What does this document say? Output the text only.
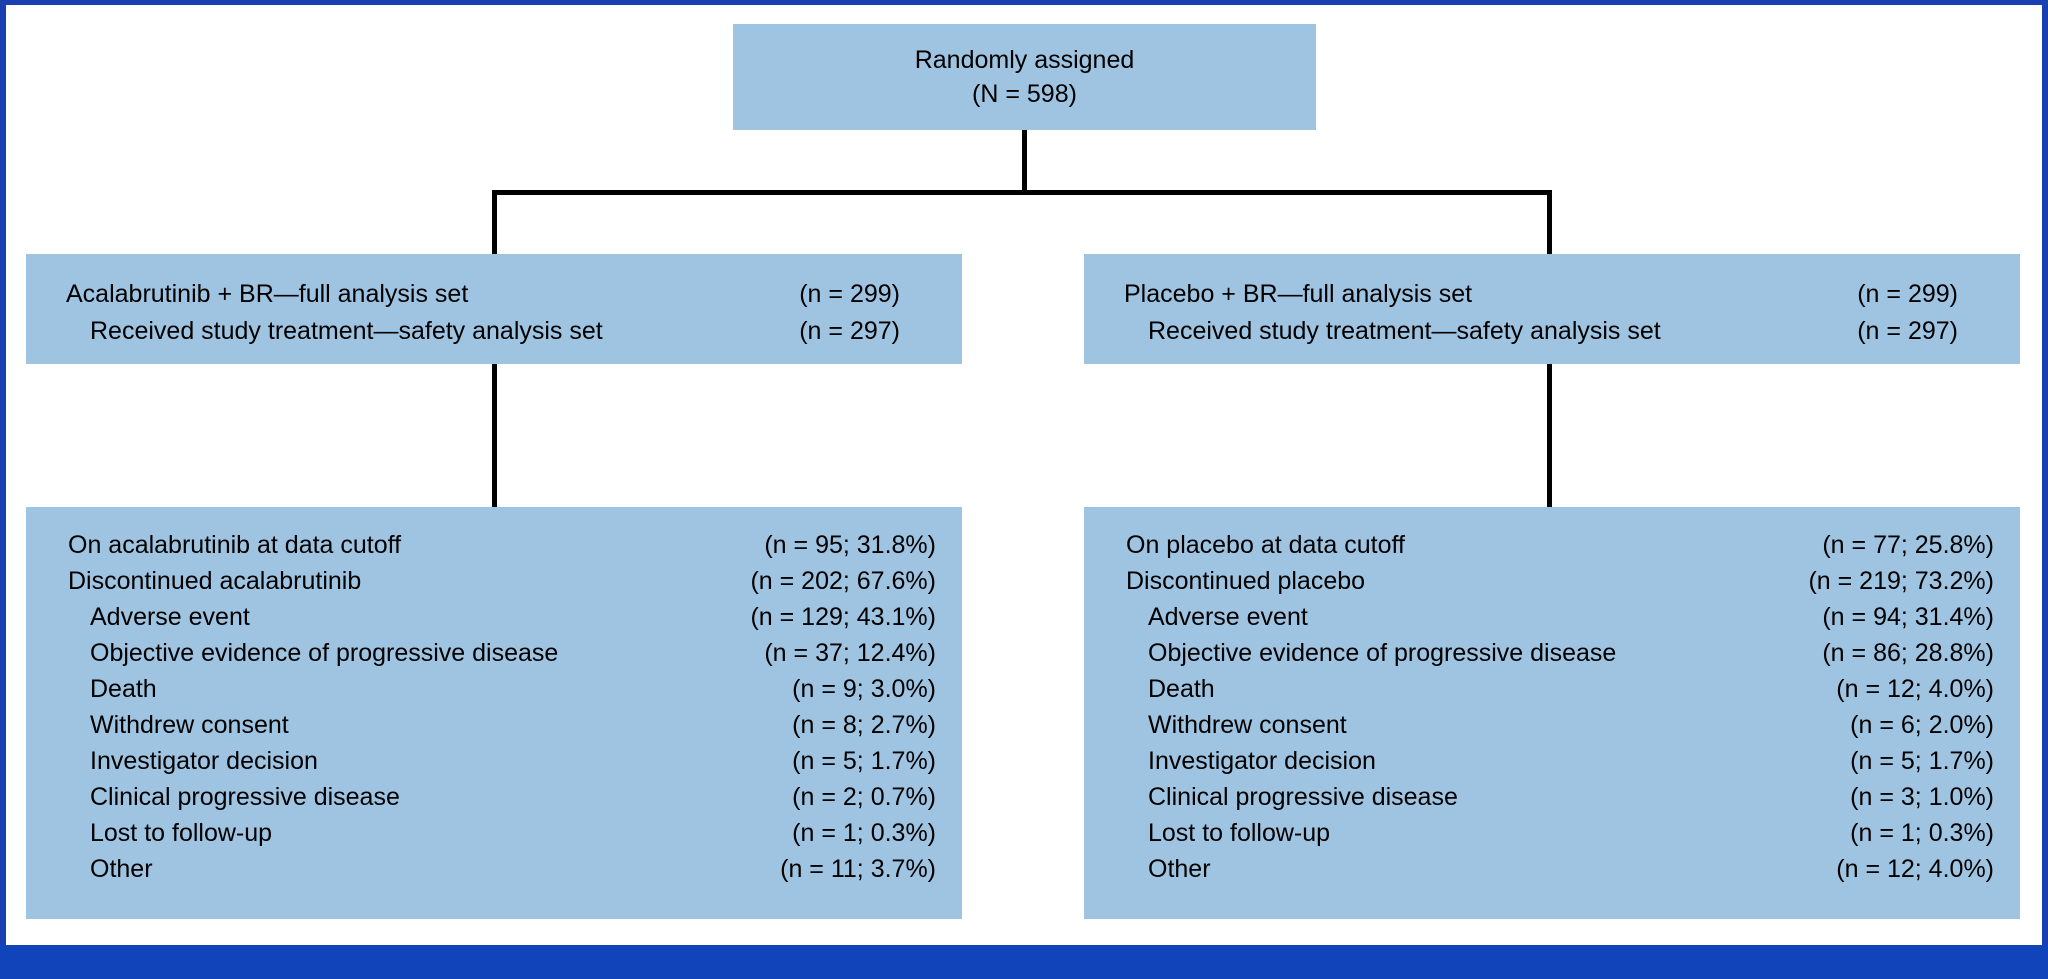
Randomly assigned
(N = 598)
Acalabrutinib + BR—full analysis set	(n = 299)
Received study treatment—safety analysis set	(n = 297)
Placebo + BR—full analysis set	(n = 299)
Received study treatment—safety analysis set	(n = 297)
On acalabrutinib at data cutoff	(n = 95; 31.8%)
Discontinued acalabrutinib	(n = 202; 67.6%)
Adverse event	(n = 129; 43.1%)
Objective evidence of progressive disease	(n = 37; 12.4%)
Death	(n = 9; 3.0%)
Withdrew consent	(n = 8; 2.7%)
Investigator decision	(n = 5; 1.7%)
Clinical progressive disease	(n = 2; 0.7%)
Lost to follow-up	(n = 1; 0.3%)
Other	(n = 11; 3.7%)
On placebo at data cutoff	(n = 77; 25.8%)
Discontinued placebo	(n = 219; 73.2%)
Adverse event	(n = 94; 31.4%)
Objective evidence of progressive disease	(n = 86; 28.8%)
Death	(n = 12; 4.0%)
Withdrew consent	(n = 6; 2.0%)
Investigator decision	(n = 5; 1.7%)
Clinical progressive disease	(n = 3; 1.0%)
Lost to follow-up	(n = 1; 0.3%)
Other	(n = 12; 4.0%)
